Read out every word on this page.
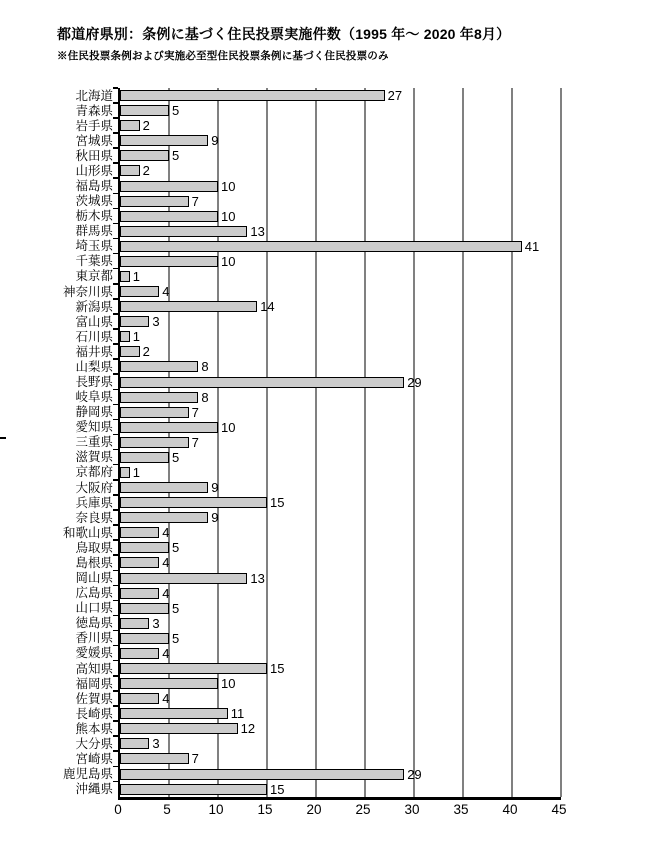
都道府県別：条例に基づく住民投票実施件数（1995 年～ 2020 年8月）
※住民投票条例および実施必至型住民投票条例に基づく住民投票のみ
北海道	27
青森県	5
岩手県 2
宮城県	9
秋田県	5
山形県 2
福島県	10
茨城県	7
栃木県	10
群馬県	13
埼玉県	41
千葉県	10
東京都 1
神奈川県	4
新潟県	14
富山県	3
石川県 1
福井県 2
山梨県	8
長野県	29
岐阜県	8
静岡県	7
愛知県	10
三重県	7
滋賀県	5
京都府 1
大阪府	9
兵庫県	15
奈良県	9
和歌山県	4
鳥取県	5
島根県	4
岡山県	13
広島県	4
山口県	5
徳島県	3
香川県	5
愛媛県	4
高知県	15
福岡県	10
佐賀県	4
長崎県	11
熊本県	12
大分県	3
宮崎県	7
鹿児島県	29
沖縄県	15
0	5	10	15	20	25	30	35	40	45
